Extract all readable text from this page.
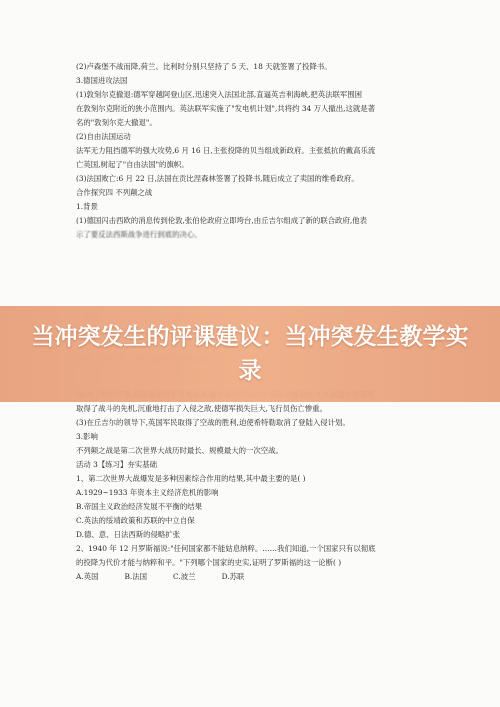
(2)卢森堡不战而降,荷兰、比利时分别只坚持了 5 天、18 天就签署了投降书。
3.德国进攻法国
(1)敦刻尔克撤退:德军穿越阿登山区,迅速突入法国北部,直逼英吉利海峡,把英法联军围困
在敦刻尔克附近的狭小范围内。英法联军实施了"发电机计划",共将约 34 万人撤出,这就是著
名的"敦刻尔克大撤退"。
(2)自由法国运动
法军无力阻挡德军的强大攻势,6 月 16 日,主张投降的贝当组成新政府。主张抵抗的戴高乐流
亡英国,树起了"自由法国"的旗帜。
(3)法国败亡:6 月 22 日,法国在贡比涅森林签署了投降书,随后成立了卖国的维希政府。
合作探究四 不列颠之战
1.背景
(1)德国闪击西欧的消息传到伦敦,张伯伦政府立即垮台,由丘吉尔组成了新的联合政府,他表
示了要反法西斯战争进行到底的决心。
取得了战斗的先机,沉重地打击了入侵之敌,使德军损失巨大,飞行员伤亡惨重。
(3)在丘吉尔的领导下,英国军民取得了空战的胜利,迫使希特勒取消了登陆入侵计划。
3.影响
不列颠之战是第二次世界大战历时最长、规模最大的一次空战。
活动 3【练习】夯实基础
1、第二次世界大战爆发是多种因素综合作用的结果,其中最主要的是( )
A.1929~1933 年资本主义经济危机的影响
B.帝国主义政治经济发展不平衡的结果
C.英法的绥靖政策和苏联的中立自保
D.德、意、日法西斯的侵略扩张
2、1940 年 12 月罗斯福说:"任何国家都不能姑息纳粹。……我们知道,一个国家只有以彻底
的投降为代价才能与纳粹和平。"下列哪个国家的史实,证明了罗斯福的这一论断( )
A.英国	B.法国	C.波兰	D.苏联
当冲突发生的评课建议：当冲突发生教学实录
